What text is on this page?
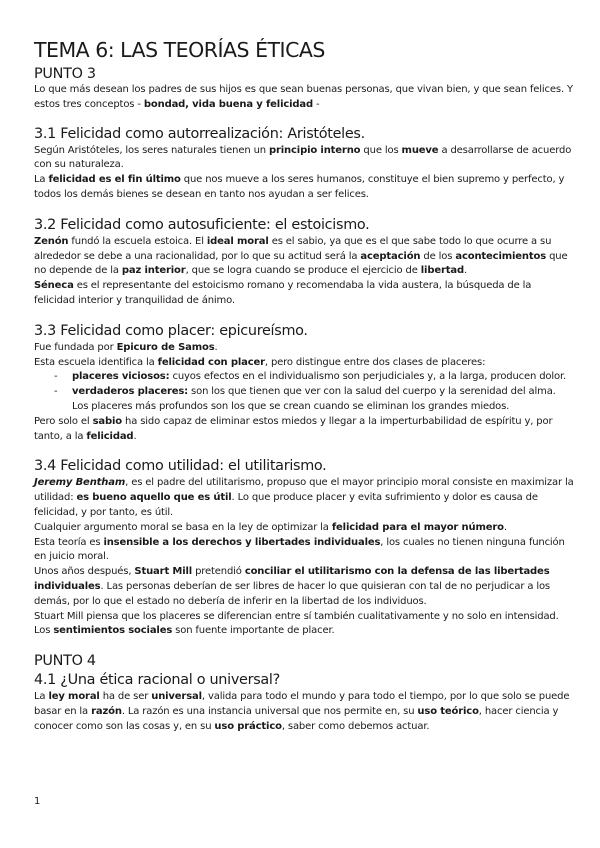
TEMA 6: LAS TEORÍAS ÉTICAS
PUNTO 3

Lo que más desean los padres de sus hijos es que sean buenas personas, que vivan bien, y que sean felices. Y estos tres conceptos - bondad, vida buena y felicidad -

3.1 Felicidad como autorrealización: Aristóteles.

Según Aristóteles, los seres naturales tienen un principio interno que los mueve a desarrollarse de acuerdo con su naturaleza.

La felicidad es el fin último que nos mueve a los seres humanos, constituye el bien supremo y perfecto, y todos los demás bienes se desean en tanto nos ayudan a ser felices.

3.2 Felicidad como autosuficiente: el estoicismo.

Zenón fundó la escuela estoica. El ideal moral es el sabio, ya que es el que sabe todo lo que ocurre a su alrededor se debe a una racionalidad, por lo que su actitud será la aceptación de los acontecimientos que no depende de la paz interior, que se logra cuando se produce el ejercicio de libertad.

Séneca es el representante del estoicismo romano y recomendaba la vida austera, la búsqueda de la felicidad interior y tranquilidad de ánimo.

3.3 Felicidad como placer: epicureísmo.

Fue fundada por Epicuro de Samos.

Esta escuela identifica la felicidad con placer, pero distingue entre dos clases de placeres:

- placeres viciosos: cuyos efectos en el individualismo son perjudiciales y, a la larga, producen dolor.
- verdaderos placeres: son los que tienen que ver con la salud del cuerpo y la serenidad del alma. Los placeres más profundos son los que se crean cuando se eliminan los grandes miedos.

Pero solo el sabio ha sido capaz de eliminar estos miedos y llegar a la imperturbabilidad de espíritu y, por tanto, a la felicidad.

3.4 Felicidad como utilidad: el utilitarismo.

Jeremy Bentham, es el padre del utilitarismo, propuso que el mayor principio moral consiste en maximizar la utilidad: es bueno aquello que es útil. Lo que produce placer y evita sufrimiento y dolor es causa de felicidad, y por tanto, es útil.

Cualquier argumento moral se basa en la ley de optimizar la felicidad para el mayor número.

Esta teoría es insensible a los derechos y libertades individuales, los cuales no tienen ninguna función en juicio moral.

Unos años después, Stuart Mill pretendió conciliar el utilitarismo con la defensa de las libertades individuales. Las personas deberían de ser libres de hacer lo que quisieran con tal de no perjudicar a los demás, por lo que el estado no debería de inferir en la libertad de los individuos.

Stuart Mill piensa que los placeres se diferencian entre sí también cualitativamente y no solo en intensidad. Los sentimientos sociales son fuente importante de placer.

PUNTO 4
4.1 ¿Una ética racional o universal?

La ley moral ha de ser universal, valida para todo el mundo y para todo el tiempo, por lo que solo se puede basar en la razón. La razón es una instancia universal que nos permite en, su uso teórico, hacer ciencia y conocer como son las cosas y, en su uso práctico, saber como debemos actuar.

1
